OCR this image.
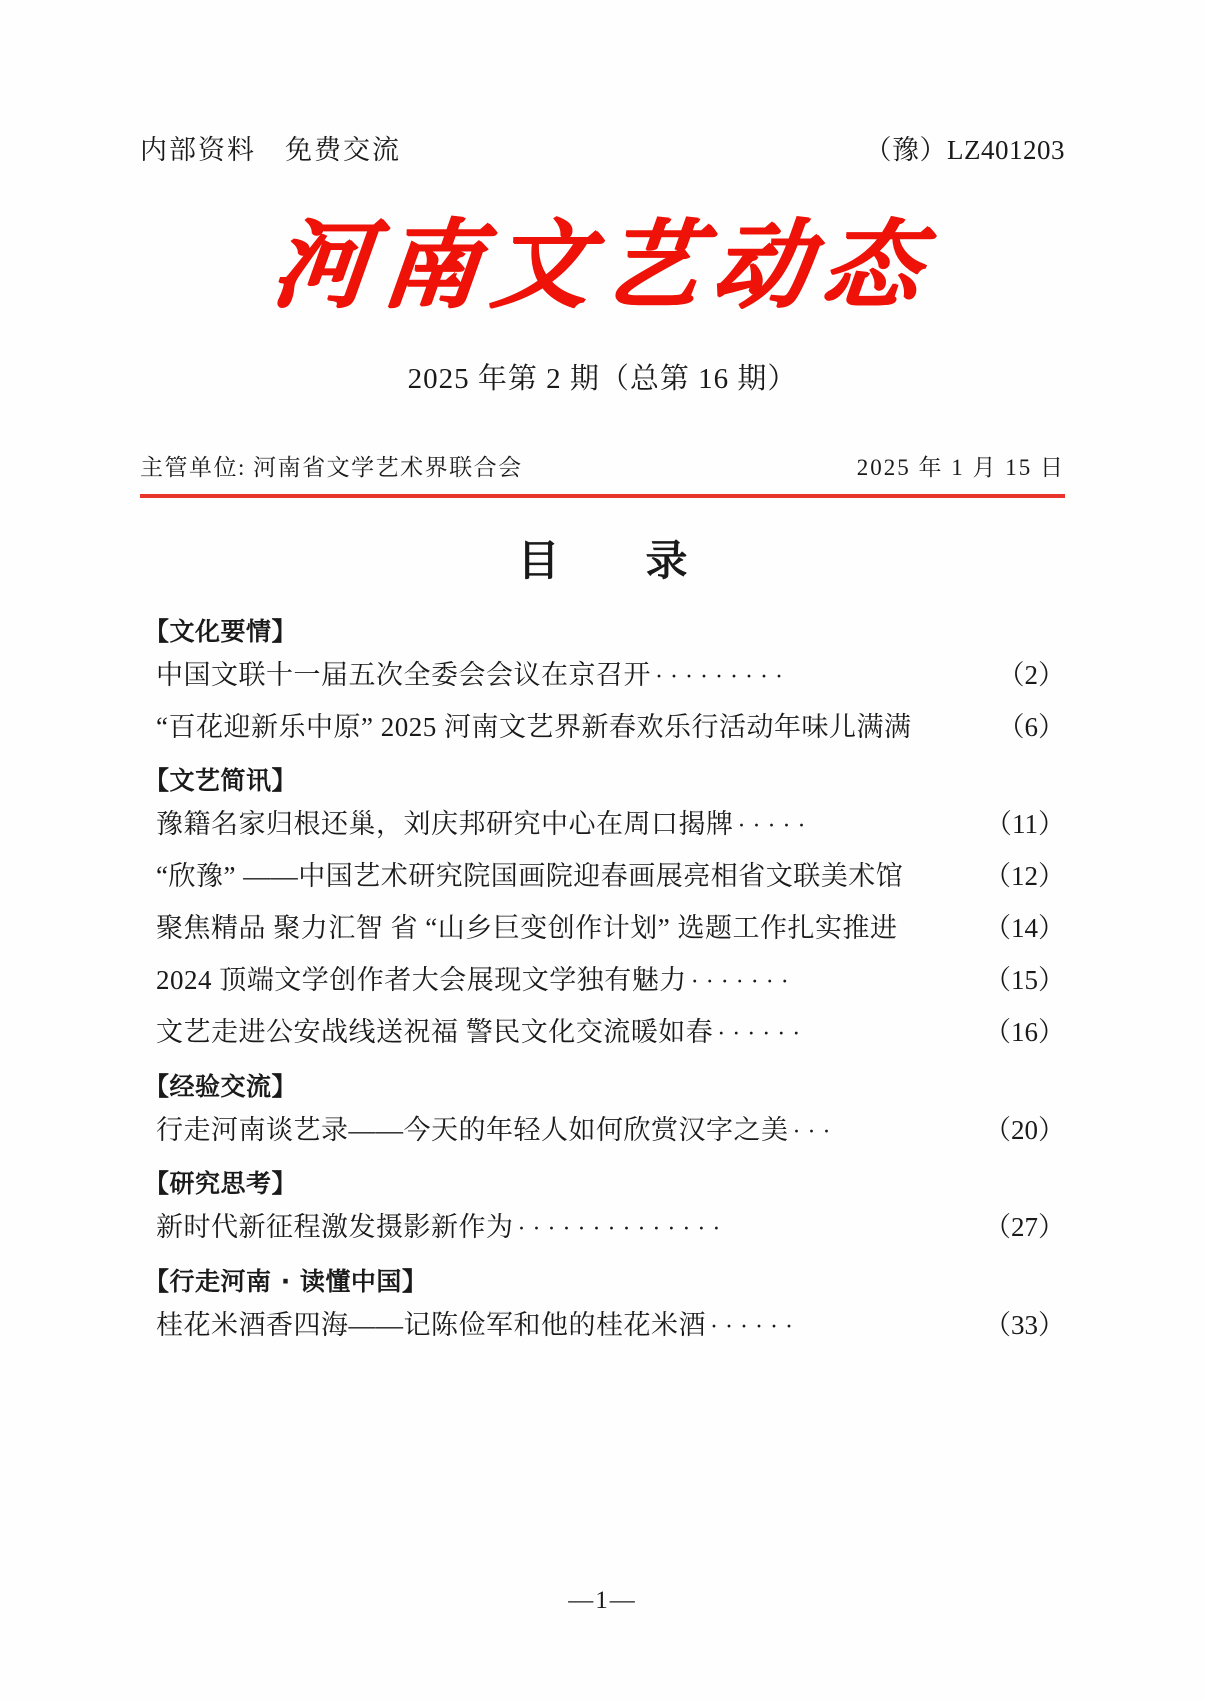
内部资料　免费交流	（豫）LZ401203
河南文艺动态
2025 年第 2 期（总第 16 期）
主管单位: 河南省文学艺术界联合会	2025 年 1 月 15 日
目　录
【文化要情】
中国文联十一届五次全委会会议在京召开 ·········	（2）
“百花迎新乐中原” 2025 河南文艺界新春欢乐行活动年味儿满满	（6）
【文艺简讯】
豫籍名家归根还巢，刘庆邦研究中心在周口揭牌 ·····	（11）
“欣豫” ——中国艺术研究院国画院迎春画展亮相省文联美术馆	（12）
聚焦精品 聚力汇智 省 “山乡巨变创作计划” 选题工作扎实推进	（14）
2024 顶端文学创作者大会展现文学独有魅力 ·······	（15）
文艺走进公安战线送祝福 警民文化交流暖如春 ······	（16）
【经验交流】
行走河南谈艺录——今天的年轻人如何欣赏汉字之美 ···	（20）
【研究思考】
新时代新征程激发摄影新作为 ··············	（27）
【行走河南 · 读懂中国】
桂花米酒香四海——记陈俭军和他的桂花米酒 ······	（33）
—1—
